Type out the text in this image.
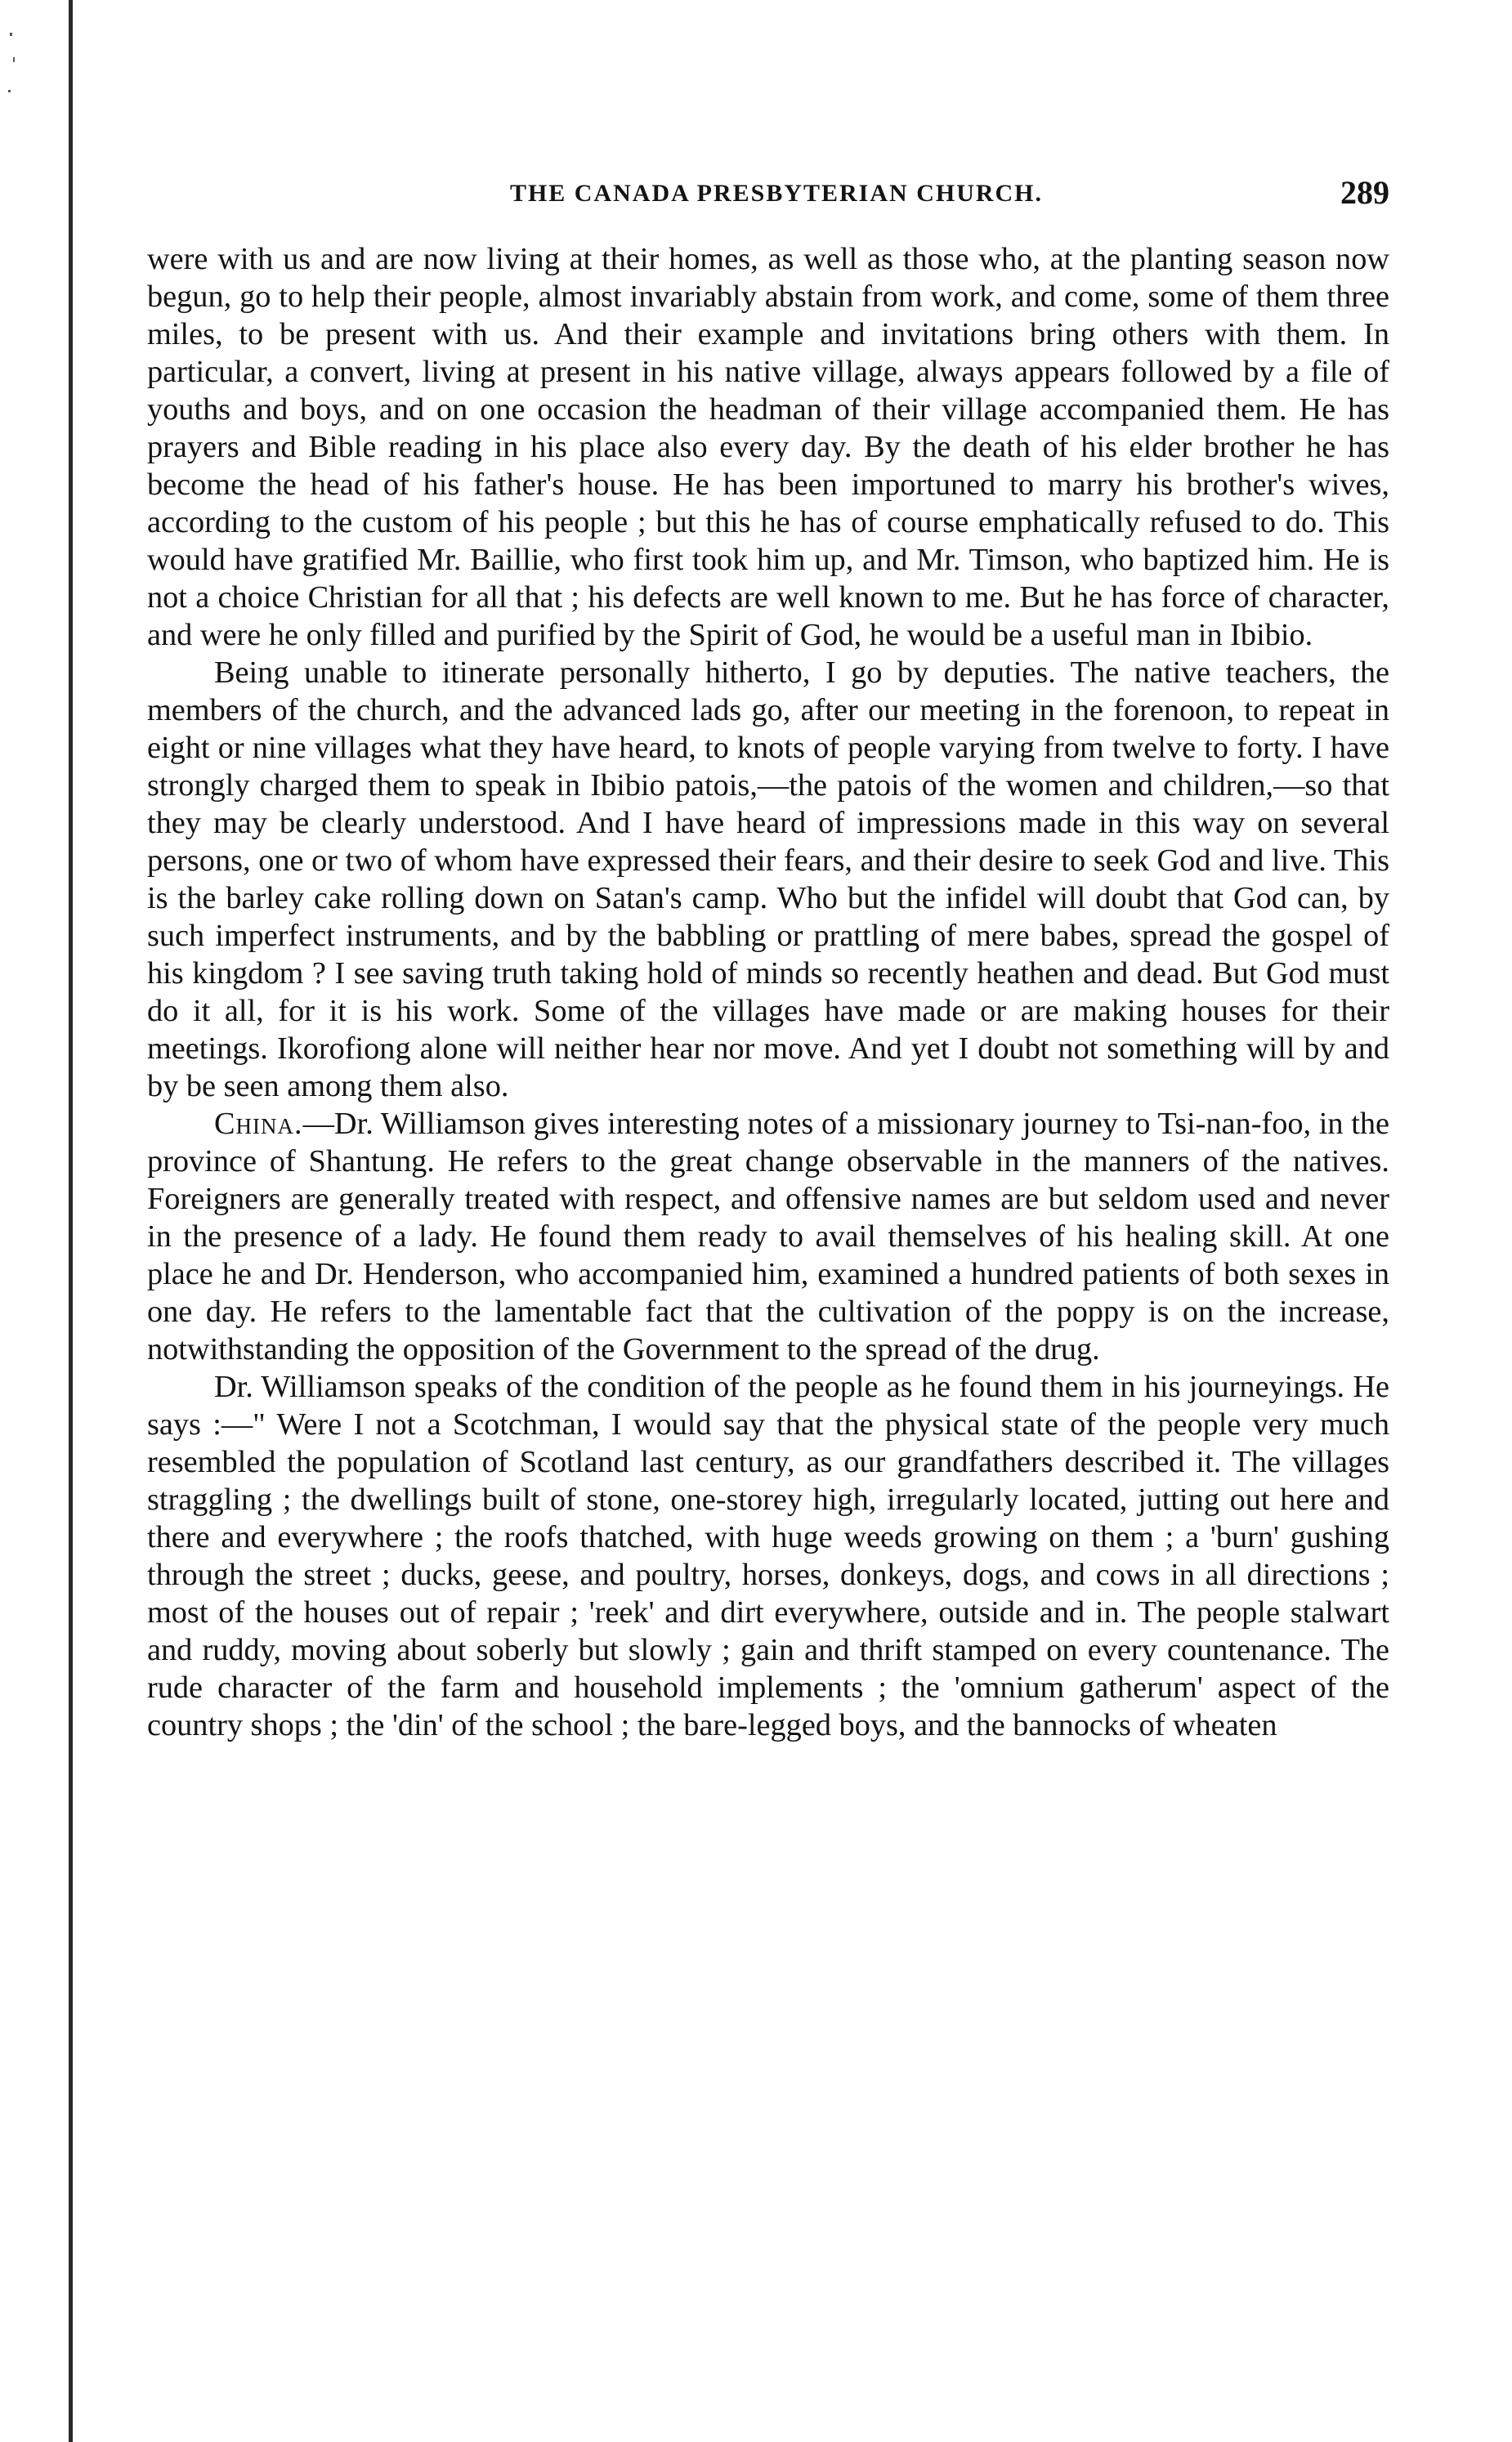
THE CANADA PRESBYTERIAN CHURCH.	289

were with us and are now living at their homes, as well as those who, at the planting season now begun, go to help their people, almost invariably abstain from work, and come, some of them three miles, to be present with us. And their example and invitations bring others with them. In particular, a convert, living at present in his native village, always appears followed by a file of youths and boys, and on one occasion the headman of their village accompanied them. He has prayers and Bible reading in his place also every day. By the death of his elder brother he has become the head of his father's house. He has been importuned to marry his brother's wives, according to the custom of his people ; but this he has of course emphatically refused to do. This would have gratified Mr. Baillie, who first took him up, and Mr. Timson, who baptized him. He is not a choice Christian for all that ; his defects are well known to me. But he has force of character, and were he only filled and purified by the Spirit of God, he would be a useful man in Ibibio.

Being unable to itinerate personally hitherto, I go by deputies. The native teachers, the members of the church, and the advanced lads go, after our meeting in the forenoon, to repeat in eight or nine villages what they have heard, to knots of people varying from twelve to forty. I have strongly charged them to speak in Ibibio patois,—the patois of the women and children,—so that they may be clearly understood. And I have heard of impressions made in this way on several persons, one or two of whom have expressed their fears, and their desire to seek God and live. This is the barley cake rolling down on Satan's camp. Who but the infidel will doubt that God can, by such imperfect instruments, and by the babbling or prattling of mere babes, spread the gospel of his kingdom ? I see saving truth taking hold of minds so recently heathen and dead. But God must do it all, for it is his work. Some of the villages have made or are making houses for their meetings. Ikorofiong alone will neither hear nor move. And yet I doubt not something will by and by be seen among them also.

China.—Dr. Williamson gives interesting notes of a missionary journey to Tsi-nan-foo, in the province of Shantung. He refers to the great change observable in the manners of the natives. Foreigners are generally treated with respect, and offensive names are but seldom used and never in the presence of a lady. He found them ready to avail themselves of his healing skill. At one place he and Dr. Henderson, who accompanied him, examined a hundred patients of both sexes in one day. He refers to the lamentable fact that the cultivation of the poppy is on the increase, notwithstanding the opposition of the Government to the spread of the drug.

Dr. Williamson speaks of the condition of the people as he found them in his journeyings. He says :—" Were I not a Scotchman, I would say that the physical state of the people very much resembled the population of Scotland last century, as our grandfathers described it. The villages straggling ; the dwellings built of stone, one-storey high, irregularly located, jutting out here and there and everywhere ; the roofs thatched, with huge weeds growing on them ; a 'burn' gushing through the street ; ducks, geese, and poultry, horses, donkeys, dogs, and cows in all directions ; most of the houses out of repair ; 'reek' and dirt everywhere, outside and in. The people stalwart and ruddy, moving about soberly but slowly ; gain and thrift stamped on every countenance. The rude character of the farm and household implements ; the 'omnium gatherum' aspect of the country shops ; the 'din' of the school ; the bare-legged boys, and the bannocks of wheaten
